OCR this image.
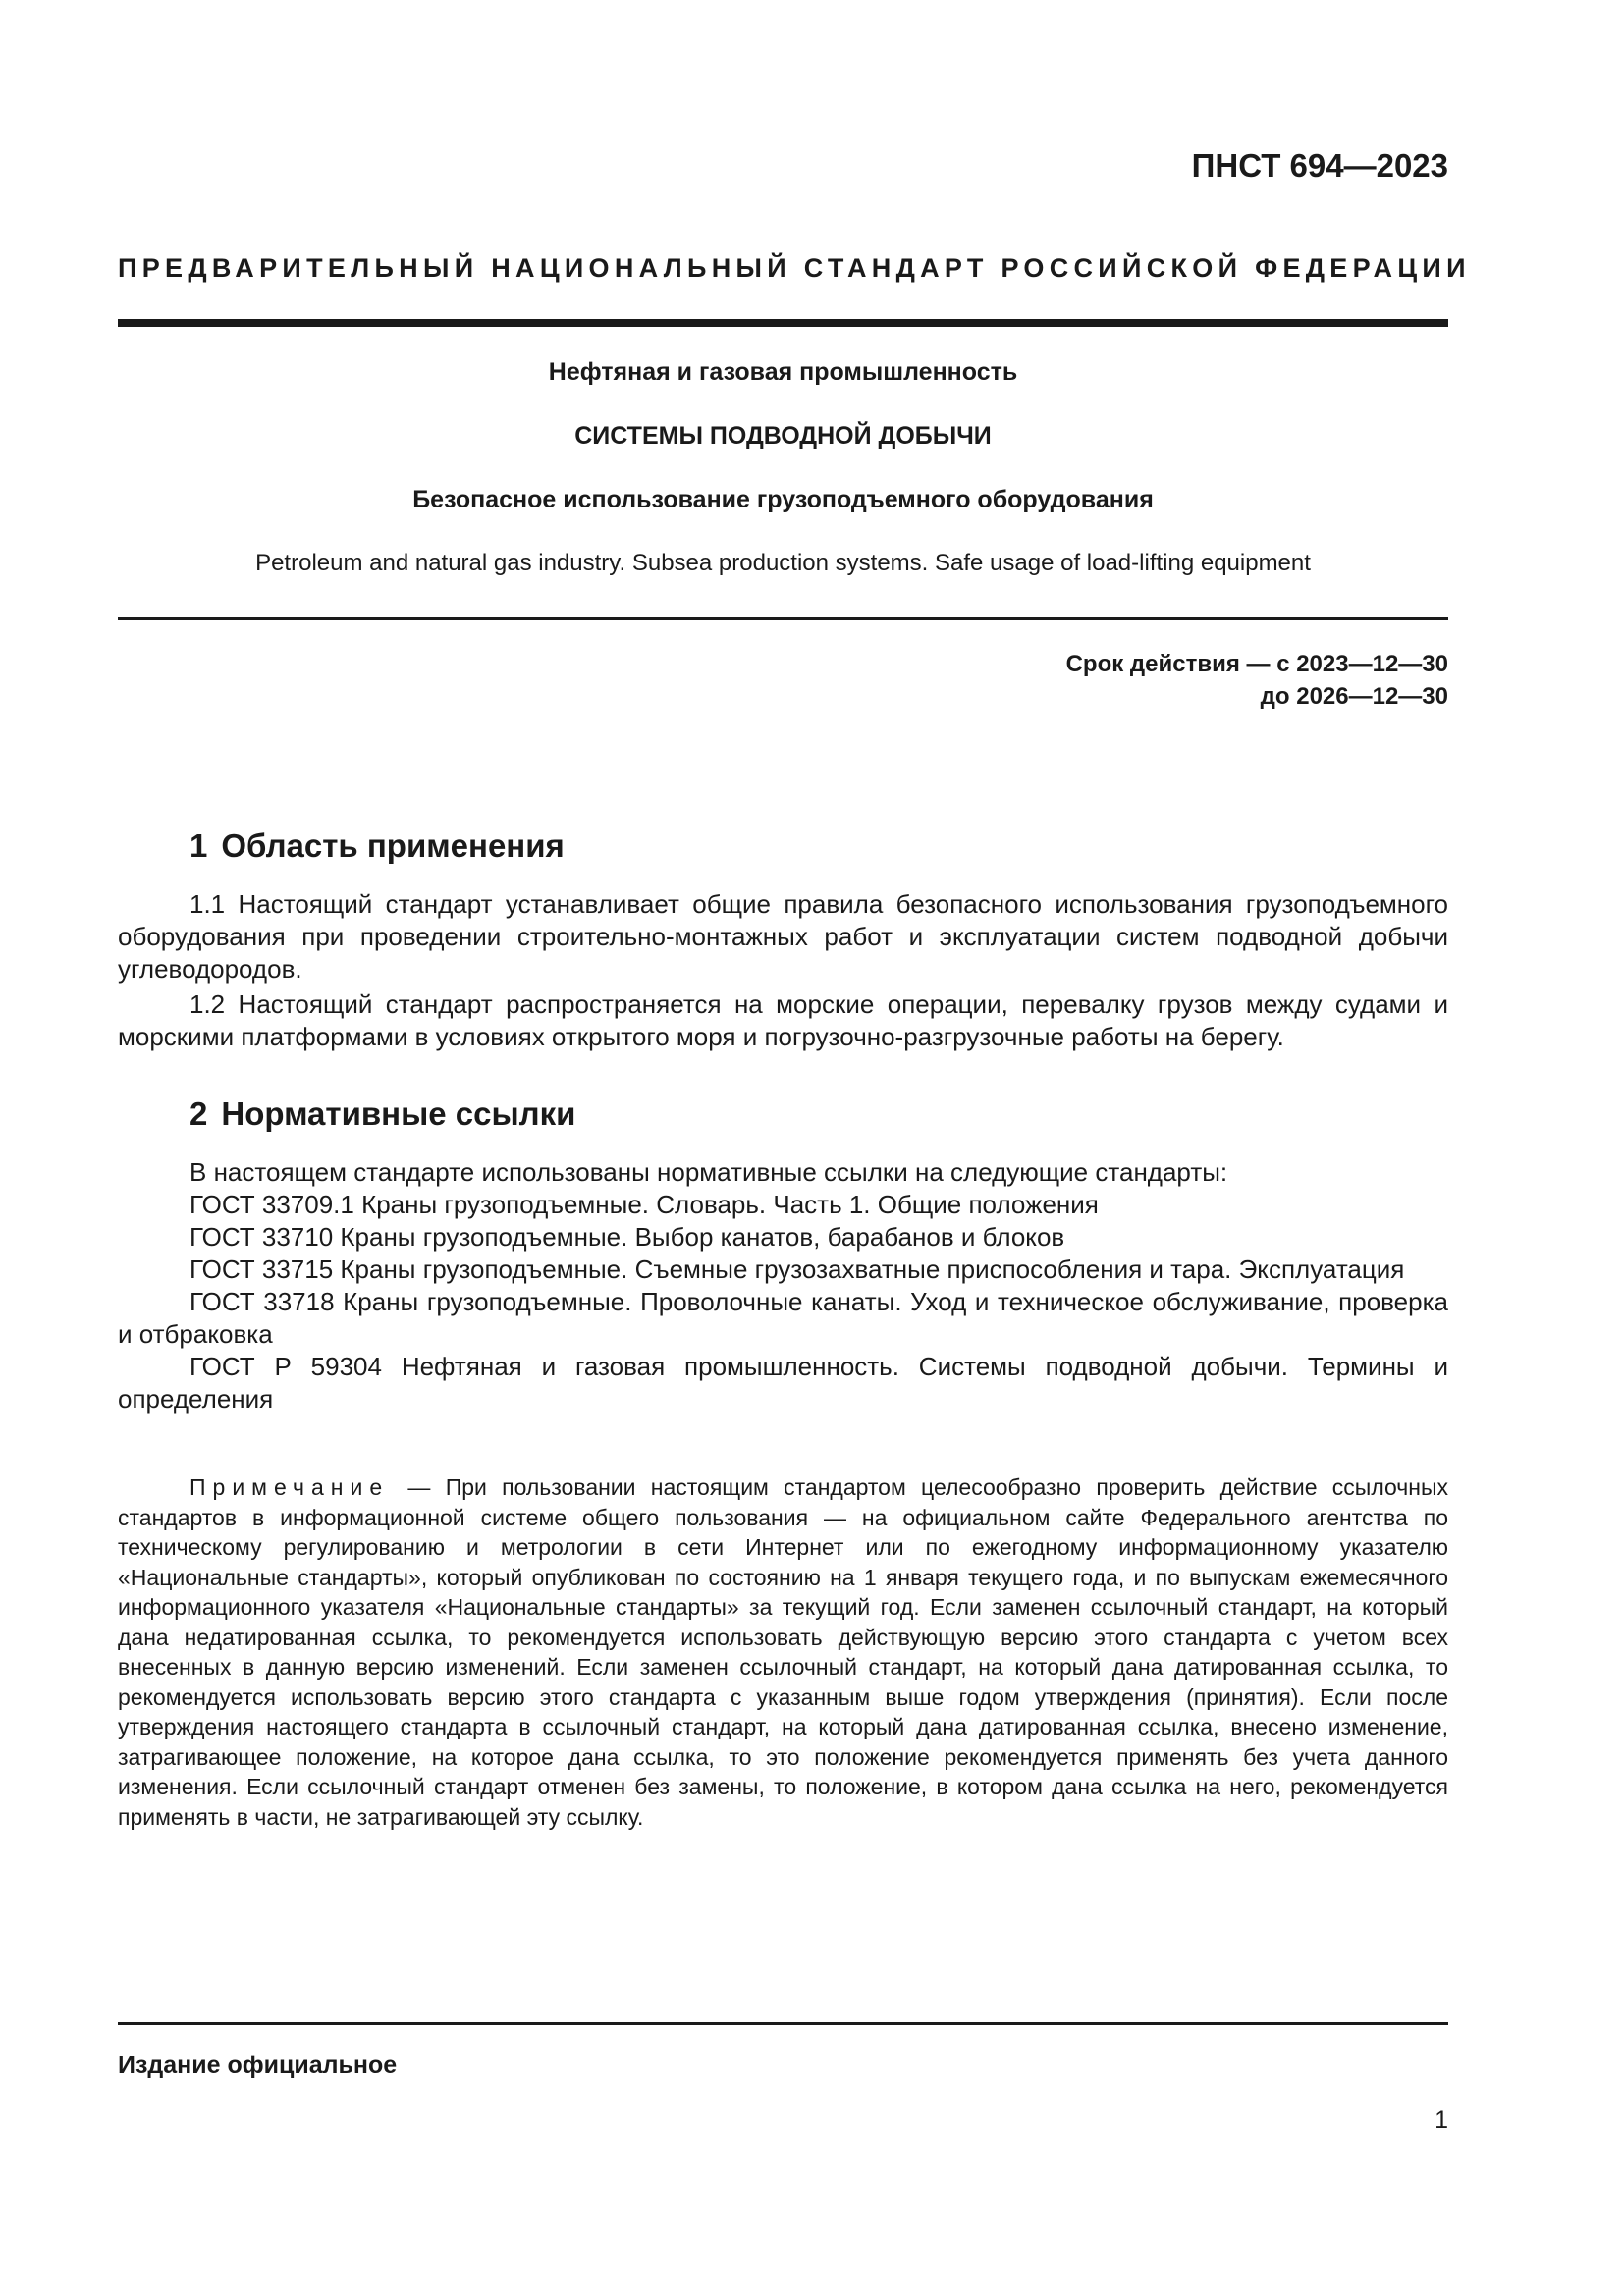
ПНСТ 694—2023
ПРЕДВАРИТЕЛЬНЫЙ НАЦИОНАЛЬНЫЙ СТАНДАРТ РОССИЙСКОЙ ФЕДЕРАЦИИ
Нефтяная и газовая промышленность
СИСТЕМЫ ПОДВОДНОЙ ДОБЫЧИ
Безопасное использование грузоподъемного оборудования
Petroleum and natural gas industry. Subsea production systems. Safe usage of load-lifting equipment
Срок действия — с 2023—12—30
до 2026—12—30
1 Область применения

1.1 Настоящий стандарт устанавливает общие правила безопасного использования грузоподъемного оборудования при проведении строительно-монтажных работ и эксплуатации систем подводной добычи углеводородов.

1.2 Настоящий стандарт распространяется на морские операции, перевалку грузов между судами и морскими платформами в условиях открытого моря и погрузочно-разгрузочные работы на берегу.

2 Нормативные ссылки

В настоящем стандарте использованы нормативные ссылки на следующие стандарты:

ГОСТ 33709.1 Краны грузоподъемные. Словарь. Часть 1. Общие положения

ГОСТ 33710 Краны грузоподъемные. Выбор канатов, барабанов и блоков

ГОСТ 33715 Краны грузоподъемные. Съемные грузозахватные приспособления и тара. Эксплуатация

ГОСТ 33718 Краны грузоподъемные. Проволочные канаты. Уход и техническое обслуживание, проверка и отбраковка

ГОСТ Р 59304 Нефтяная и газовая промышленность. Системы подводной добычи. Термины и определения

Примечание — При пользовании настоящим стандартом целесообразно проверить действие ссылочных стандартов в информационной системе общего пользования — на официальном сайте Федерального агентства по техническому регулированию и метрологии в сети Интернет или по ежегодному информационному указателю «Национальные стандарты», который опубликован по состоянию на 1 января текущего года, и по выпускам ежемесячного информационного указателя «Национальные стандарты» за текущий год. Если заменен ссылочный стандарт, на который дана недатированная ссылка, то рекомендуется использовать действующую версию этого стандарта с учетом всех внесенных в данную версию изменений. Если заменен ссылочный стандарт, на который дана датированная ссылка, то рекомендуется использовать версию этого стандарта с указанным выше годом утверждения (принятия). Если после утверждения настоящего стандарта в ссылочный стандарт, на который дана датированная ссылка, внесено изменение, затрагивающее положение, на которое дана ссылка, то это положение рекомендуется применять без учета данного изменения. Если ссылочный стандарт отменен без замены, то положение, в котором дана ссылка на него, рекомендуется применять в части, не затрагивающей эту ссылку.

Издание официальное
1
